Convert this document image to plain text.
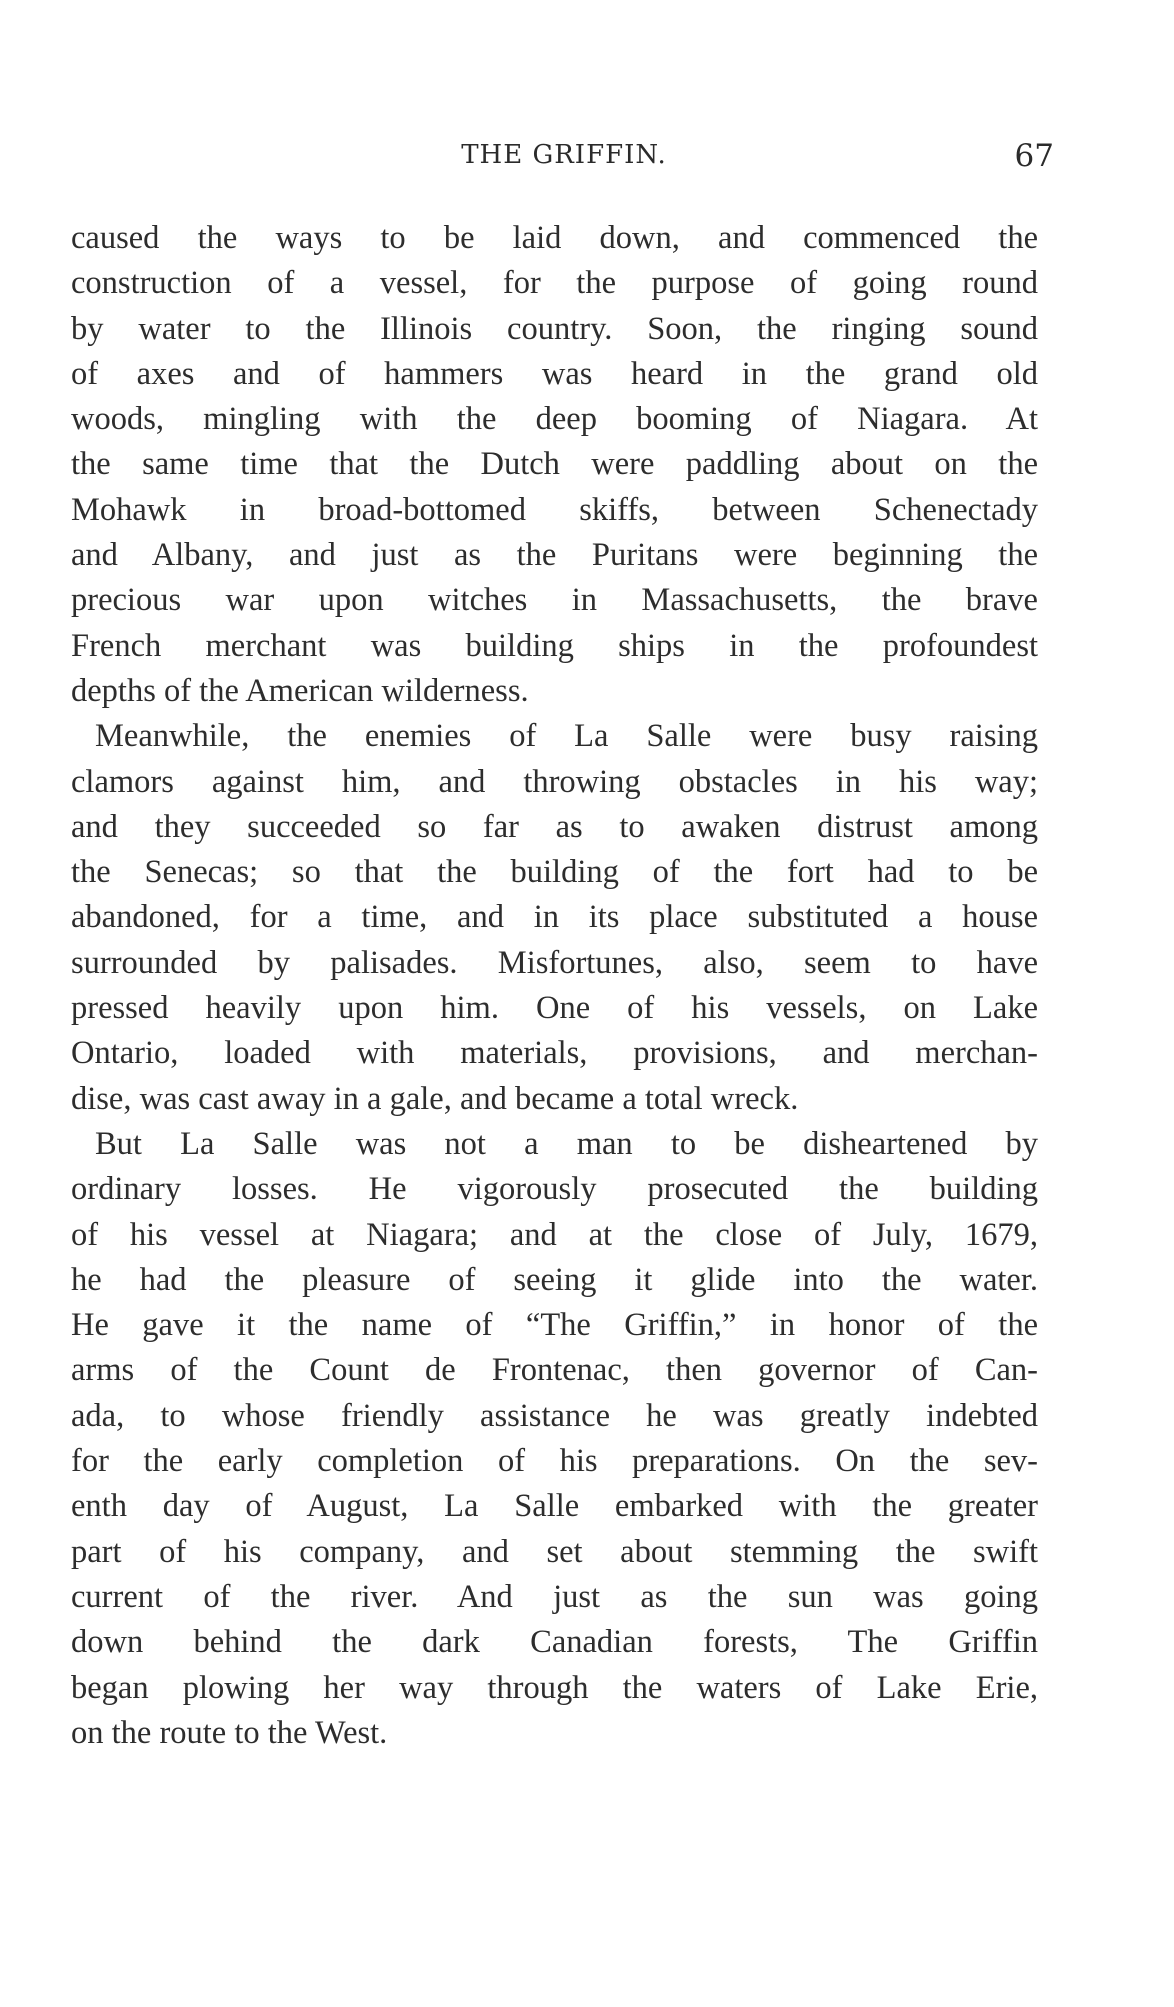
THE GRIFFIN.	67
caused the ways to be laid down, and commenced the
construction of a vessel, for the purpose of going round
by water to the Illinois country. Soon, the ringing sound
of axes and of hammers was heard in the grand old
woods, mingling with the deep booming of Niagara. At
the same time that the Dutch were paddling about on the
Mohawk in broad-bottomed skiffs, between Schenectady
and Albany, and just as the Puritans were beginning the
precious war upon witches in Massachusetts, the brave
French merchant was building ships in the profoundest
depths of the American wilderness.
Meanwhile, the enemies of La Salle were busy raising
clamors against him, and throwing obstacles in his way;
and they succeeded so far as to awaken distrust among
the Senecas; so that the building of the fort had to be
abandoned, for a time, and in its place substituted a house
surrounded by palisades. Misfortunes, also, seem to have
pressed heavily upon him. One of his vessels, on Lake
Ontario, loaded with materials, provisions, and merchan-
dise, was cast away in a gale, and became a total wreck.
But La Salle was not a man to be disheartened by
ordinary losses. He vigorously prosecuted the building
of his vessel at Niagara; and at the close of July, 1679,
he had the pleasure of seeing it glide into the water.
He gave it the name of “The Griffin,” in honor of the
arms of the Count de Frontenac, then governor of Can-
ada, to whose friendly assistance he was greatly indebted
for the early completion of his preparations. On the sev-
enth day of August, La Salle embarked with the greater
part of his company, and set about stemming the swift
current of the river. And just as the sun was going
down behind the dark Canadian forests, The Griffin
began plowing her way through the waters of Lake Erie,
on the route to the West.
